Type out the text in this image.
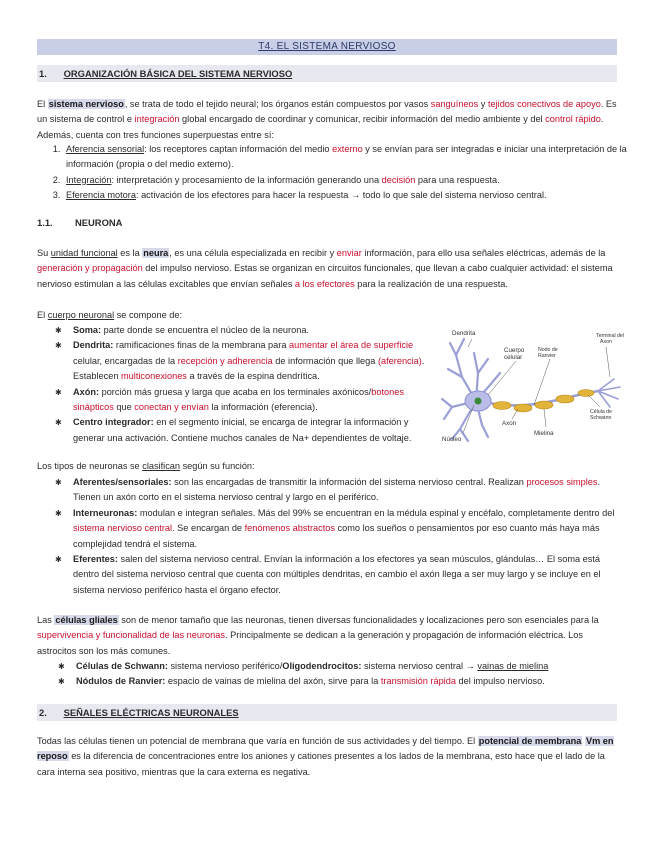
T4. EL SISTEMA NERVIOSO
1. ORGANIZACIÓN BÁSICA DEL SISTEMA NERVIOSO
El sistema nervioso, se trata de todo el tejido neural; los órganos están compuestos por vasos sanguíneos y tejidos conectivos de apoyo. Es un sistema de control e integración global encargado de coordinar y comunicar, recibir información del medio ambiente y del control rápido. Además, cuenta con tres funciones superpuestas entre sí:
1. Aferencia sensorial: los receptores captan información del medio externo y se envían para ser integradas e iniciar una interpretación de la información (propia o del medio externo).
2. Integración: interpretación y procesamiento de la información generando una decisión para una respuesta.
3. Eferencia motora: activación de los efectores para hacer la respuesta → todo lo que sale del sistema nervioso central.
1.1. NEURONA
Su unidad funcional es la neura, es una célula especializada en recibir y enviar información, para ello usa señales eléctricas, además de la generación y propagación del impulso nervioso. Estas se organizan en circuitos funcionales, que llevan a cabo cualquier actividad: el sistema nervioso estimulan a las células excitables que envían señales a los efectores para la realización de una respuesta.
El cuerpo neuronal se compone de:
✱ Soma: parte donde se encuentra el núcleo de la neurona.
✱ Dendrita: ramificaciones finas de la membrana para aumentar el área de superficie celular, encargadas de la recepción y adherencia de información que llega (aferencia). Establecen multiconexiones a través de la espina dendrítica.
✱ Axón: porción más gruesa y larga que acaba en los terminales axónicos/botones sinápticos que conectan y envían la información (eferencia).
✱ Centro integrador: en el segmento inicial, se encarga de integrar la información y generar una activación. Contiene muchos canales de Na+ dependientes de voltaje.
Dendrita
Cuerpo
celular
Nodo de
Ranvier
Terminal del
Axon
Axon
Célula de
Schwann
Núcleo
Mielina
Los tipos de neuronas se clasifican según su función:
✱ Aferentes/sensoriales: son las encargadas de transmitir la información del sistema nervioso central. Realizan procesos simples. Tienen un axón corto en el sistema nervioso central y largo en el periférico.
✱ Interneuronas: modulan e integran señales. Más del 99% se encuentran en la médula espinal y encéfalo, completamente dentro del sistema nervioso central. Se encargan de fenómenos abstractos como los sueños o pensamientos por eso cuanto más haya más complejidad tendrá el sistema.
✱ Eferentes: salen del sistema nervioso central. Envían la información a los efectores ya sean músculos, glándulas… El soma está dentro del sistema nervioso central que cuenta con múltiples dendritas, en cambio el axón llega a ser muy largo y se incluye en el sistema nervioso periférico hasta el órgano efector.
Las células gliales son de menor tamaño que las neuronas, tienen diversas funcionalidades y localizaciones pero son esenciales para la supervivencia y funcionalidad de las neuronas. Principalmente se dedican a la generación y propagación de información eléctrica. Los astrocitos son los más comunes.
✱ Células de Schwann: sistema nervioso periférico/Oligodendrocitos: sistema nervioso central → vainas de mielina
✱ Nódulos de Ranvier: espacio de vainas de mielina del axón, sirve para la transmisión rápida del impulso nervioso.
2. SEÑALES ELÉCTRICAS NEURONALES
Todas las células tienen un potencial de membrana que varía en función de sus actividades y del tiempo. El potencial de membrana Vm en reposo es la diferencia de concentraciones entre los aniones y cationes presentes a los lados de la membrana, esto hace que el lado de la cara interna sea positivo, mientras que la cara externa es negativa.
